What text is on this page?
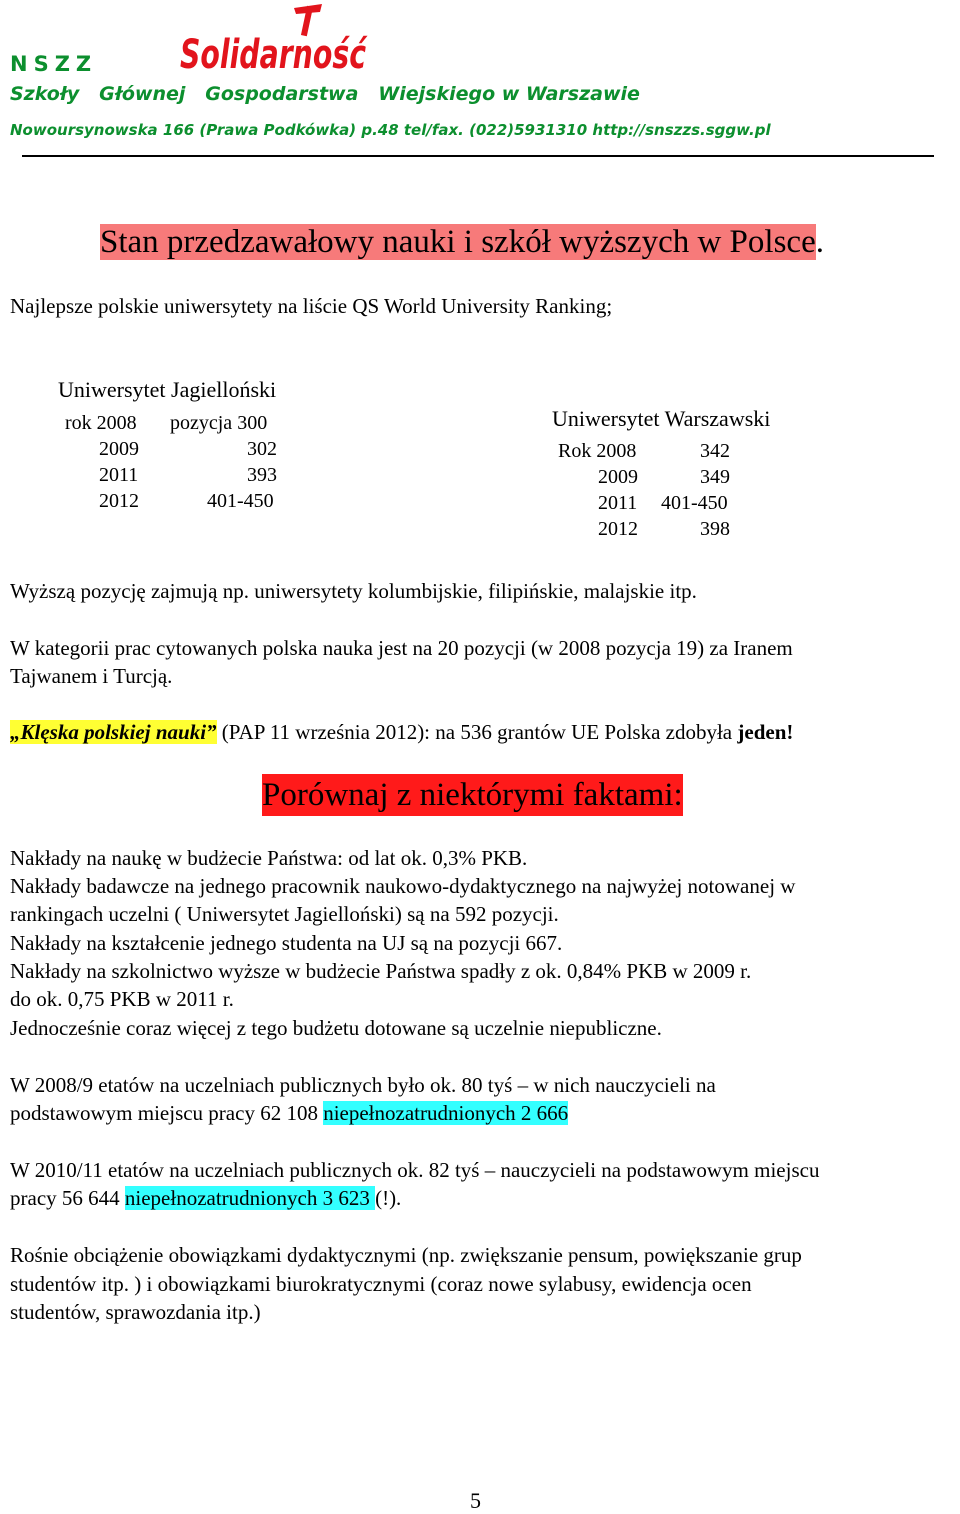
NSZZ
Szkoły Głównej Gospodarstwa Wiejskiego w Warszawie
Nowoursynowska 166 (Prawa Podkówka) p.48 tel/fax. (022)5931310 http://snszzs.sggw.pl
Solidarność
Stan przedzawałowy nauki i szkół wyższych w Polsce.
Najlepsze polskie uniwersytety na liście QS World University Ranking;
Uniwersytet Jagielloński
rok 2008 pozycja 300
2009	302
2011	393
2012	401-450
Uniwersytet Warszawski
Rok 2008	342
2009	349
2011 401-450
2012	398
Wyższą pozycję zajmują np. uniwersytety kolumbijskie, filipińskie, malajskie itp.
W kategorii prac cytowanych polska nauka jest na 20 pozycji (w 2008 pozycja 19) za Iranem
Tajwanem i Turcją.
„Klęska polskiej nauki” (PAP 11 września 2012): na 536 grantów UE Polska zdobyła jeden!
Porównaj z niektórymi faktami:
Nakłady na naukę w budżecie Państwa: od lat ok. 0,3% PKB.
Nakłady badawcze na jednego pracownik naukowo-dydaktycznego na najwyżej notowanej w
rankingach uczelni ( Uniwersytet Jagielloński) są na 592 pozycji.
Nakłady na kształcenie jednego studenta na UJ są na pozycji 667.
Nakłady na szkolnictwo wyższe w budżecie Państwa spadły z ok. 0,84% PKB w 2009 r.
do ok. 0,75 PKB w 2011 r.
Jednocześnie coraz więcej z tego budżetu dotowane są uczelnie niepubliczne.
W 2008/9 etatów na uczelniach publicznych było ok. 80 tyś – w nich nauczycieli na
podstawowym miejscu pracy 62 108 niepełnozatrudnionych 2 666
W 2010/11 etatów na uczelniach publicznych ok. 82 tyś – nauczycieli na podstawowym miejscu
pracy 56 644 niepełnozatrudnionych 3 623 (!).
Rośnie obciążenie obowiązkami dydaktycznymi (np. zwiększanie pensum, powiększanie grup
studentów itp. ) i obowiązkami biurokratycznymi (coraz nowe sylabusy, ewidencja ocen
studentów, sprawozdania itp.)
5
